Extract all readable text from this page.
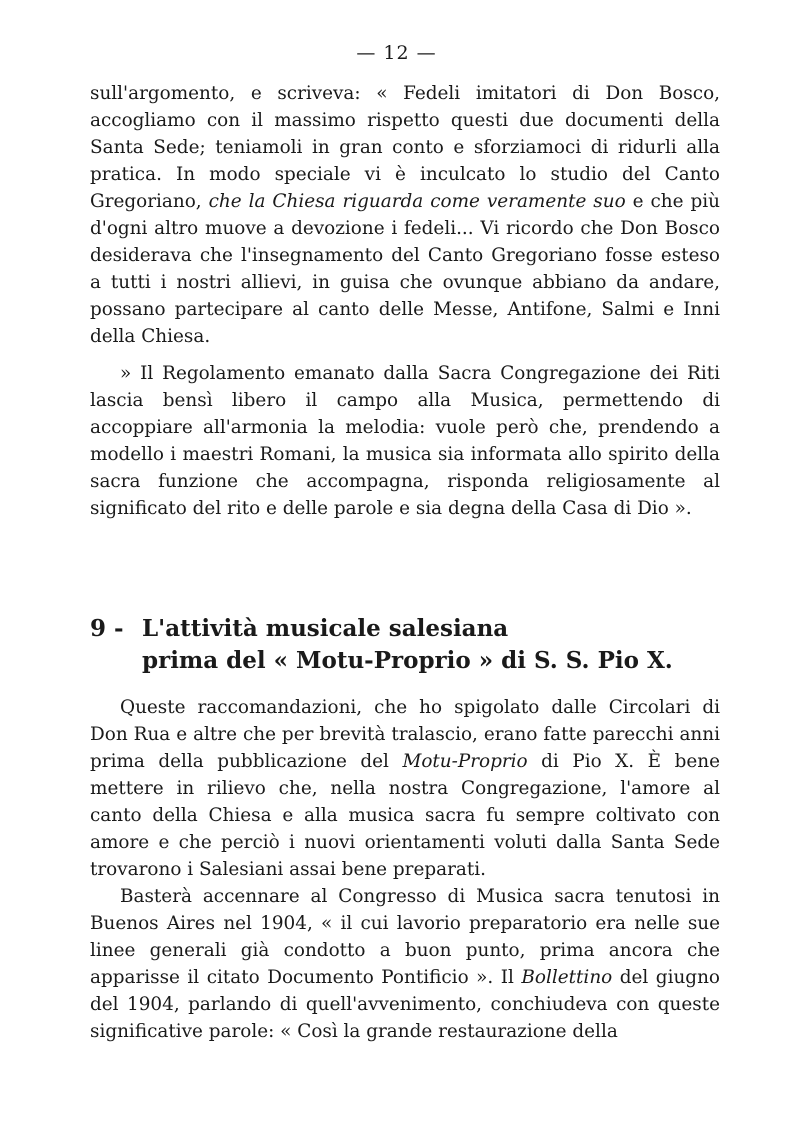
— 12 —

sull'argomento, e scriveva: « Fedeli imitatori di Don Bosco, accogliamo con il massimo rispetto questi due documenti della Santa Sede; teniamoli in gran conto e sforziamoci di ridurli alla pratica. In modo speciale vi è inculcato lo studio del Canto Gregoriano, che la Chiesa riguarda come veramente suo e che più d'ogni altro muove a devozione i fedeli... Vi ricordo che Don Bosco desiderava che l'insegnamento del Canto Gregoriano fosse esteso a tutti i nostri allievi, in guisa che ovunque abbiano da andare, possano partecipare al canto delle Messe, Antifone, Salmi e Inni della Chiesa.

» Il Regolamento emanato dalla Sacra Congregazione dei Riti lascia bensì libero il campo alla Musica, permettendo di accoppiare all'armonia la melodia: vuole però che, prendendo a modello i maestri Romani, la musica sia informata allo spirito della sacra funzione che accompagna, risponda religiosamente al significato del rito e delle parole e sia degna della Casa di Dio ».

9 - L'attività musicale salesiana
prima del « Motu-Proprio » di S. S. Pio X.

Queste raccomandazioni, che ho spigolato dalle Circolari di Don Rua e altre che per brevità tralascio, erano fatte parecchi anni prima della pubblicazione del Motu-Proprio di Pio X. È bene mettere in rilievo che, nella nostra Congregazione, l'amore al canto della Chiesa e alla musica sacra fu sempre coltivato con amore e che perciò i nuovi orientamenti voluti dalla Santa Sede trovarono i Salesiani assai bene preparati.

Basterà accennare al Congresso di Musica sacra tenutosi in Buenos Aires nel 1904, « il cui lavorio preparatorio era nelle sue linee generali già condotto a buon punto, prima ancora che apparisse il citato Documento Pontificio ». Il Bollettino del giugno del 1904, parlando di quell'avvenimento, conchiudeva con queste significative parole: « Così la grande restaurazione della
